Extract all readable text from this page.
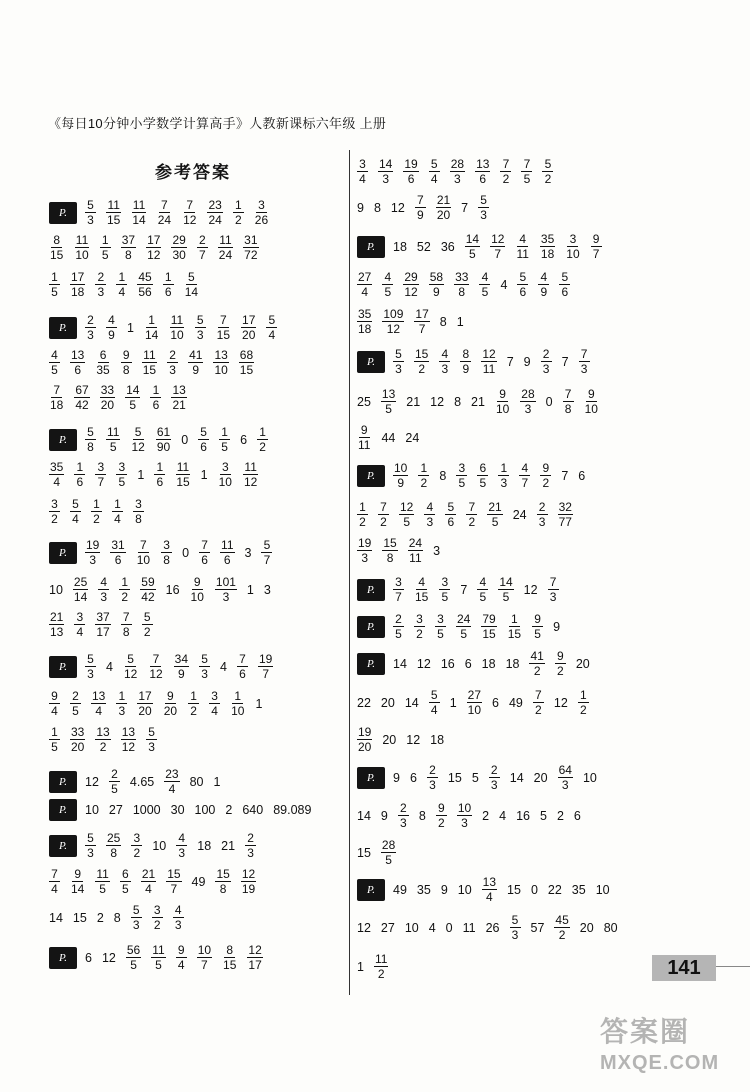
《每日10分钟小学数学计算高手》人教新课标六年级 上册
参考答案
P.	$\frac{5}{3} \frac{11}{15} \frac{11}{14} \frac{7}{24} \frac{7}{12} \frac{23}{24} \frac{1}{2} \frac{3}{26}$
$\frac{8}{15} \frac{11}{10} \frac{1}{5} \frac{37}{8} \frac{17}{12} \frac{29}{30} \frac{2}{7} \frac{11}{24} \frac{31}{72}$
$\frac{1}{5} \frac{17}{18} \frac{2}{3} \frac{1}{4} \frac{45}{56} \frac{1}{6} \frac{5}{14}$
P.	$\frac{2}{3} \frac{4}{9} 1 \frac{1}{14} \frac{11}{10} \frac{5}{3} \frac{7}{15} \frac{17}{20} \frac{5}{4}$
$\frac{4}{5} \frac{13}{6} \frac{6}{35} \frac{9}{8} \frac{11}{15} \frac{2}{3} \frac{41}{9} \frac{13}{10} \frac{68}{15}$
$\frac{7}{18} \frac{67}{42} \frac{33}{20} \frac{14}{5} \frac{1}{6} \frac{13}{21}$
P.	$\frac{5}{8} \frac{11}{5} \frac{5}{12} \frac{61}{90} 0 \frac{5}{6} \frac{1}{5} 6 \frac{1}{2}$
$\frac{35}{4} \frac{1}{6} \frac{3}{7} \frac{3}{5} 1 \frac{1}{6} \frac{11}{15} 1 \frac{3}{10} \frac{11}{12}$
$\frac{3}{2} \frac{5}{4} \frac{1}{2} \frac{1}{4} \frac{3}{8}$
P.	$\frac{19}{3} \frac{31}{6} \frac{7}{10} \frac{3}{8} 0 \frac{7}{6} \frac{11}{6} 3 \frac{5}{7}$
$10 \frac{25}{14} \frac{4}{3} \frac{1}{2} \frac{59}{42} 16 \frac{9}{10} \frac{101}{3} 1$ 3
$\frac{21}{13} \frac{3}{4} \frac{37}{17} \frac{7}{8} \frac{5}{2}$
P.	$\frac{5}{3} 4 \frac{5}{12} \frac{7}{12} \frac{34}{9} \frac{5}{3} 4 \frac{7}{6} \frac{19}{7}$
$\frac{9}{4} \frac{2}{5} \frac{13}{4} \frac{1}{3} \frac{17}{20} \frac{9}{20} \frac{1}{2} \frac{3}{4} \frac{1}{10} 1$
$\frac{1}{5} \frac{33}{20} \frac{13}{2} \frac{13}{12} \frac{5}{3}$
P.	$12 \frac{2}{5} 4.65 \frac{23}{4} 80$ 1
P.	10 27 1000 30 100 2 640 89.089
P.	$\frac{5}{3} \frac{25}{8} \frac{3}{2} 10 \frac{4}{3} 18$ $21 \frac{2}{3}$
$\frac{7}{4} \frac{9}{14} \frac{11}{5} \frac{6}{5} \frac{21}{4} \frac{15}{7} 49 \frac{15}{8} \frac{12}{19}$
14 15 2 $8 \frac{5}{3} \frac{3}{2} \frac{4}{3}$
P.	6 $12 \frac{56}{5} \frac{11}{5} \frac{9}{4} \frac{10}{7} \frac{8}{15} \frac{12}{17}$
$\frac{3}{4} \frac{14}{3} \frac{19}{6} \frac{5}{4} \frac{28}{3} \frac{13}{6} \frac{7}{2} \frac{7}{5} \frac{5}{2}$
9 8 $12 \frac{7}{9} \frac{21}{20} 7 \frac{5}{3}$
P.	18 52 $36 \frac{14}{5} \frac{12}{7} \frac{4}{11} \frac{35}{18} \frac{3}{10} \frac{9}{7}$
$\frac{27}{4} \frac{4}{5} \frac{29}{12} \frac{58}{9} \frac{33}{8} \frac{4}{5} 4 \frac{5}{6} \frac{4}{9} \frac{5}{6}$
$\frac{35}{18} \frac{109}{12} \frac{17}{7} 8$ 1
P.	$\frac{5}{3} \frac{15}{2} \frac{4}{3} \frac{8}{9} \frac{12}{11} 7$ $9 \frac{2}{3} 7 \frac{7}{3}$
$25 \frac{13}{5} 21$ 12 8 $21 \frac{9}{10} \frac{28}{3} 0 \frac{7}{8} \frac{9}{10}$
$\frac{9}{11} 44$ 24
P.	$\frac{10}{9} \frac{1}{2} 8 \frac{3}{5} \frac{6}{5} \frac{1}{3} \frac{4}{7} \frac{9}{2} 7$ 6
$\frac{1}{2} \frac{7}{2} \frac{12}{5} \frac{4}{3} \frac{5}{6} \frac{7}{2} \frac{21}{5} 24 \frac{2}{3} \frac{32}{77}$
$\frac{19}{3} \frac{15}{8} \frac{24}{11} 3$
P.	$\frac{3}{7} \frac{4}{15} \frac{3}{5} 7 \frac{4}{5} \frac{14}{5} 12 \frac{7}{3}$
P.	$\frac{2}{5} \frac{3}{2} \frac{3}{5} \frac{24}{5} \frac{79}{15} \frac{1}{15} \frac{9}{5} 9$
P.	14 12 16 6 18 $18 \frac{41}{2} \frac{9}{2} 20$
22 20 $14 \frac{5}{4} 1 \frac{27}{10} 6$ $49 \frac{7}{2} 12 \frac{1}{2}$
$\frac{19}{20} 20$ 12 18
P.	9 $6 \frac{2}{3} 15$ $5 \frac{2}{3} 14$ $20 \frac{64}{3} 10$
14 $9 \frac{2}{3} 8 \frac{9}{2} \frac{10}{3} 2$ 4 16 5 2 6
$15 \frac{28}{5}$
P.	49 35 9 $10 \frac{13}{4} 15$ 0 22 35 10
12 27 10 4 0 11 $26 \frac{5}{3} 57 \frac{45}{2} 20$ 80
$1 \frac{11}{2}$	141
答案圈
MXQE.COM
